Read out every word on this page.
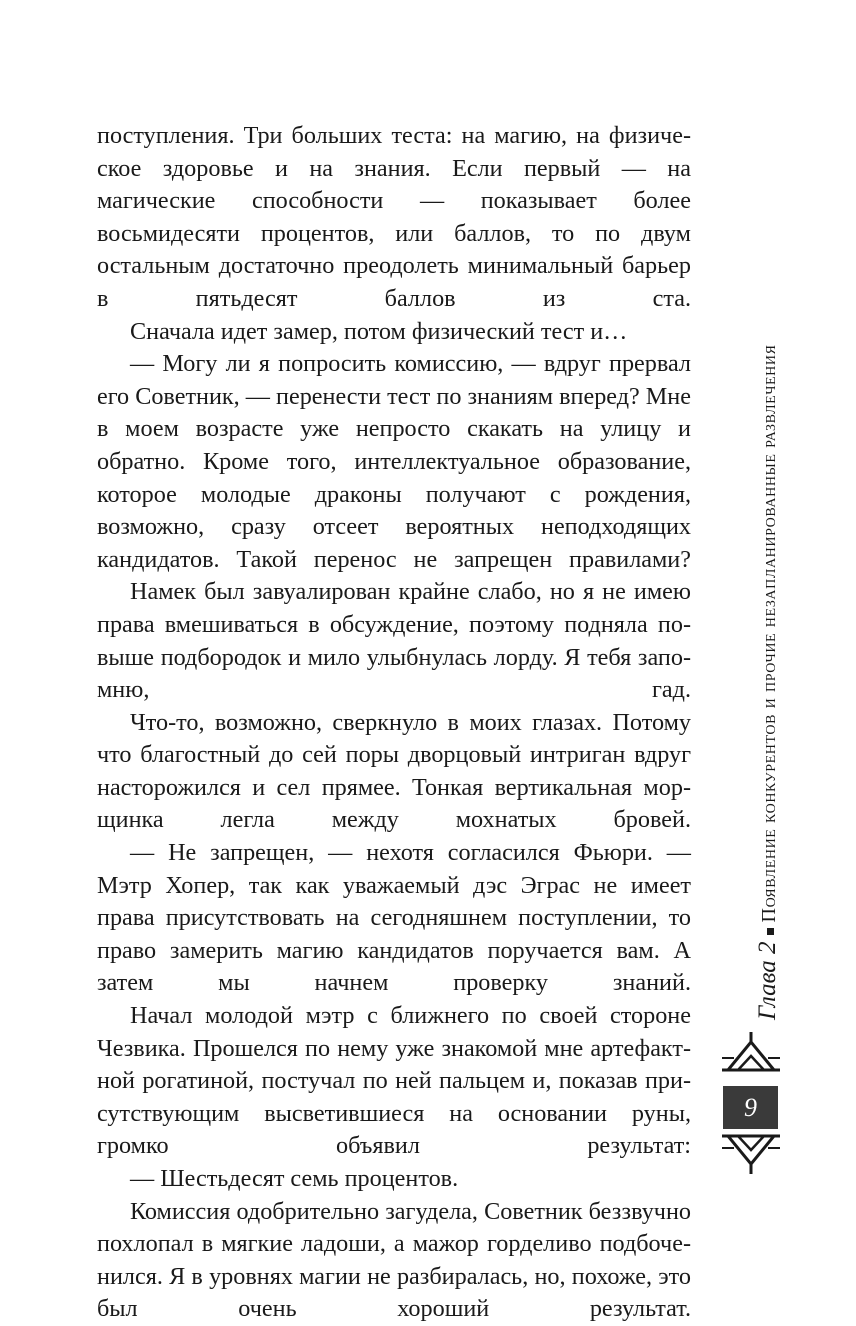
поступления. Три больших теста: на магию, на физическое здоровье и на знания. Если первый — на магические способности — показывает более восьмидесяти процентов, или баллов, то по двум остальным достаточно преодолеть минимальный барьер в пятьдесят баллов из ста.

Сначала идет замер, потом физический тест и…

— Могу ли я попросить комиссию, — вдруг прервал его Советник, — перенести тест по знаниям вперед? Мне в моем возрасте уже непросто скакать на улицу и обратно. Кроме того, интеллектуальное образование, которое молодые драконы получают с рождения, возможно, сразу отсеет вероятных неподходящих кандидатов. Такой перенос не запрещен правилами?

Намек был завуалирован крайне слабо, но я не имею права вмешиваться в обсуждение, поэтому подняла повыше подбородок и мило улыбнулась лорду. Я тебя запомню, гад.

Что-то, возможно, сверкнуло в моих глазах. Потому что благостный до сей поры дворцовый интриган вдруг насторожился и сел прямее. Тонкая вертикальная морщинка легла между мохнатых бровей.

— Не запрещен, — нехотя согласился Фьюри. — Мэтр Хопер, так как уважаемый дэс Эграс не имеет права присутствовать на сегодняшнем поступлении, то право замерить магию кандидатов поручается вам. А затем мы начнем проверку знаний.

Начал молодой мэтр с ближнего по своей стороне Чезвика. Прошелся по нему уже знакомой мне артефактной рогатиной, постучал по ней пальцем и, показав присутствующим высветившиеся на основании руны, громко объявил результат:

— Шестьдесят семь процентов.

Комиссия одобрительно загудела, Советник беззвучно похлопал в мягкие ладоши, а мажор горделиво подбоченился. Я в уровнях магии не разбиралась, но, похоже, это был очень хороший результат.

Глава 2Появление конкурентов и прочие незапланированные развлечения
9
